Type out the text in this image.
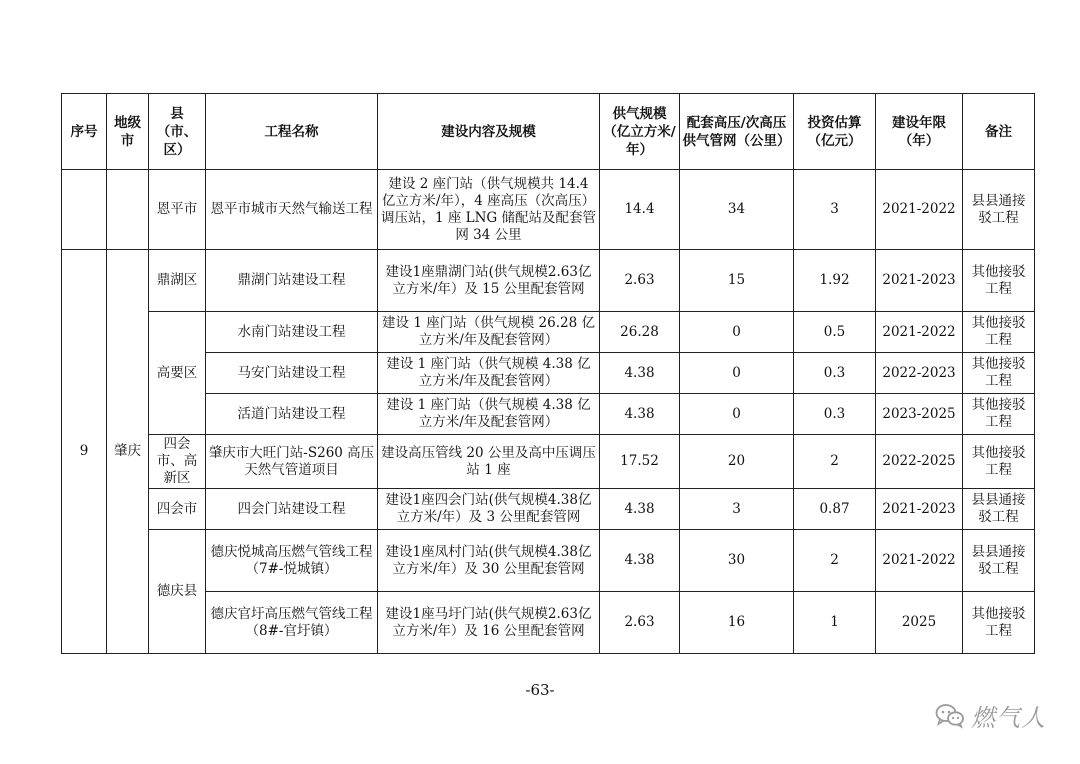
序号	地级市	县（市、区）	工程名称	建设内容及规模	供气规模（亿立方米/年）	配套高压/次高压供气管网（公里）	投资估算（亿元）	建设年限（年）	备注
		恩平市	恩平市城市天然气输送工程	建设 2 座门站（供气规模共 14.4 亿立方米/年），4 座高压（次高压）调压站，1 座 LNG 储配站及配套管网 34 公里	14.4	34	3	2021-2022	县县通接驳工程
9	肇庆	鼎湖区	鼎湖门站建设工程	建设1座鼎湖门站(供气规模2.63亿立方米/年）及 15 公里配套管网	2.63	15	1.92	2021-2023	其他接驳工程
		高要区	水南门站建设工程	建设 1 座门站（供气规模 26.28 亿立方米/年及配套管网）	26.28	0	0.5	2021-2022	其他接驳工程
			马安门站建设工程	建设 1 座门站（供气规模 4.38 亿立方米/年及配套管网）	4.38	0	0.3	2022-2023	其他接驳工程
			活道门站建设工程	建设 1 座门站（供气规模 4.38 亿立方米/年及配套管网）	4.38	0	0.3	2023-2025	其他接驳工程
		四会市、高新区	肇庆市大旺门站-S260 高压天然气管道项目	建设高压管线 20 公里及高中压调压站 1 座	17.52	20	2	2022-2025	其他接驳工程
		四会市	四会门站建设工程	建设1座四会门站(供气规模4.38亿立方米/年）及 3 公里配套管网	4.38	3	0.87	2021-2023	县县通接驳工程
		德庆县	德庆悦城高压燃气管线工程（7#-悦城镇）	建设1座凤村门站(供气规模4.38亿立方米/年）及 30 公里配套管网	4.38	30	2	2021-2022	县县通接驳工程
			德庆官圩高压燃气管线工程（8#-官圩镇）	建设1座马圩门站(供气规模2.63亿立方米/年）及 16 公里配套管网	2.63	16	1	2025	其他接驳工程
-63-
燃气人
